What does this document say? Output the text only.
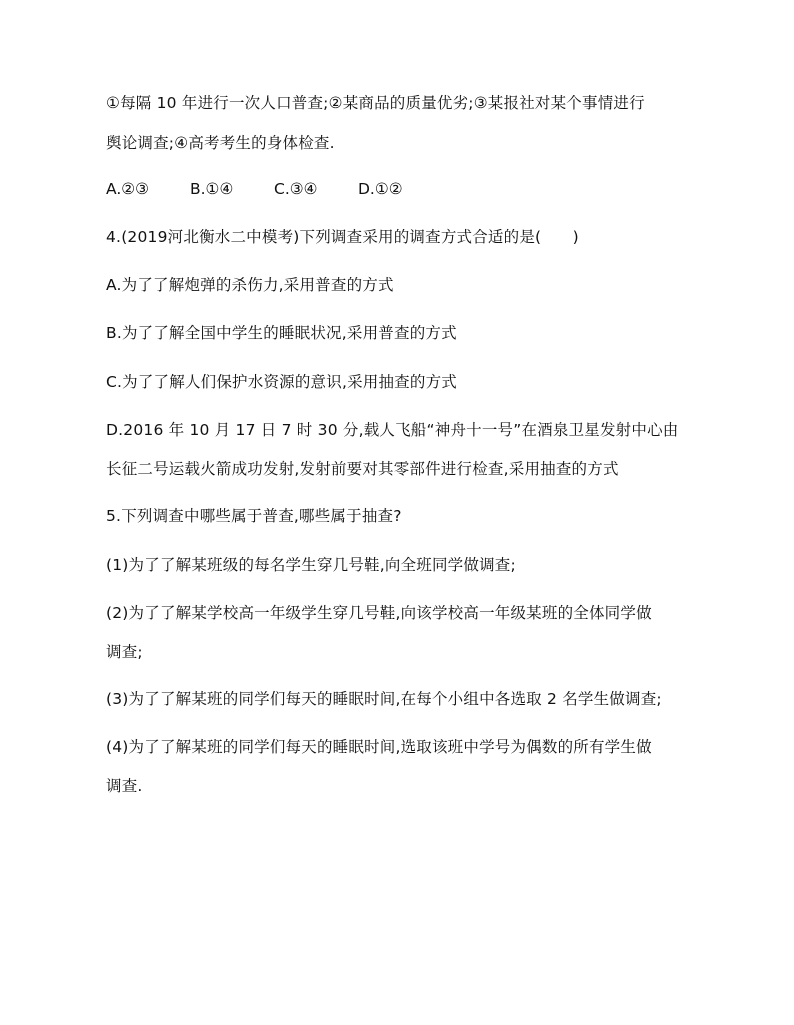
①每隔 10 年进行一次人口普查;②某商品的质量优劣;③某报社对某个事情进行
舆论调查;④高考考生的身体检查.
A.②③	B.①④	C.③④	D.①②
4.(2019河北衡水二中模考)下列调查采用的调查方式合适的是(　　)
A.为了了解炮弹的杀伤力,采用普查的方式
B.为了了解全国中学生的睡眠状况,采用普查的方式
C.为了了解人们保护水资源的意识,采用抽查的方式
D.2016 年 10 月 17 日 7 时 30 分,载人飞船“神舟十一号”在酒泉卫星发射中心由
长征二号运载火箭成功发射,发射前要对其零部件进行检查,采用抽查的方式
5.下列调查中哪些属于普查,哪些属于抽查?
(1)为了了解某班级的每名学生穿几号鞋,向全班同学做调查;
(2)为了了解某学校高一年级学生穿几号鞋,向该学校高一年级某班的全体同学做
调查;
(3)为了了解某班的同学们每天的睡眠时间,在每个小组中各选取 2 名学生做调查;
(4)为了了解某班的同学们每天的睡眠时间,选取该班中学号为偶数的所有学生做
调查.
